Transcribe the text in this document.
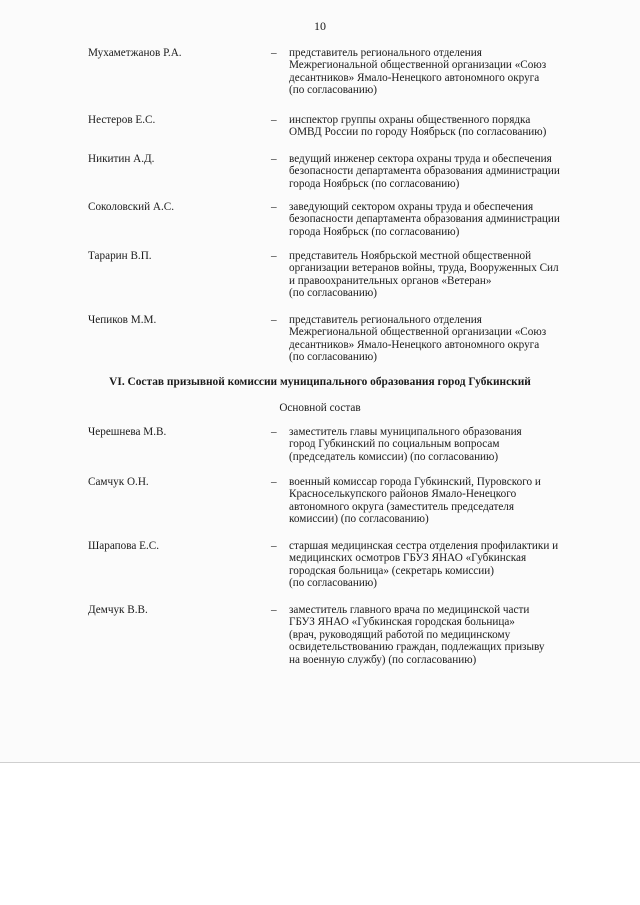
10
Мухаметжанов Р.А.	– представитель регионального отделения
Межрегиональной общественной организации «Союз
десантников» Ямало-Ненецкого автономного округа
(по согласованию)
Нестеров Е.С.	– инспектор группы охраны общественного порядка
ОМВД России по городу Ноябрьск (по согласованию)
Никитин А.Д.	– ведущий инженер сектора охраны труда и обеспечения
безопасности департамента образования администрации
города Ноябрьск (по согласованию)
Соколовский А.С.	– заведующий сектором охраны труда и обеспечения
безопасности департамента образования администрации
города Ноябрьск (по согласованию)
Тарарин В.П.	– представитель Ноябрьской местной общественной
организации ветеранов войны, труда, Вооруженных Сил
и правоохранительных органов «Ветеран»
(по согласованию)
Чепиков М.М.	– представитель регионального отделения
Межрегиональной общественной организации «Союз
десантников» Ямало-Ненецкого автономного округа
(по согласованию)
VI. Состав призывной комиссии муниципального образования город Губкинский
Основной состав
Черешнева М.В.	– заместитель главы муниципального образования
город Губкинский по социальным вопросам
(председатель комиссии) (по согласованию)
Самчук О.Н.	– военный комиссар города Губкинский, Пуровского и
Красноселькупского районов Ямало-Ненецкого
автономного округа (заместитель председателя
комиссии) (по согласованию)
Шарапова Е.С.	– старшая медицинская сестра отделения профилактики и
медицинских осмотров ГБУЗ ЯНАО «Губкинская
городская больница» (секретарь комиссии)
(по согласованию)
Демчук В.В.	– заместитель главного врача по медицинской части
ГБУЗ ЯНАО «Губкинская городская больница»
(врач, руководящий работой по медицинскому
освидетельствованию граждан, подлежащих призыву
на военную службу) (по согласованию)
